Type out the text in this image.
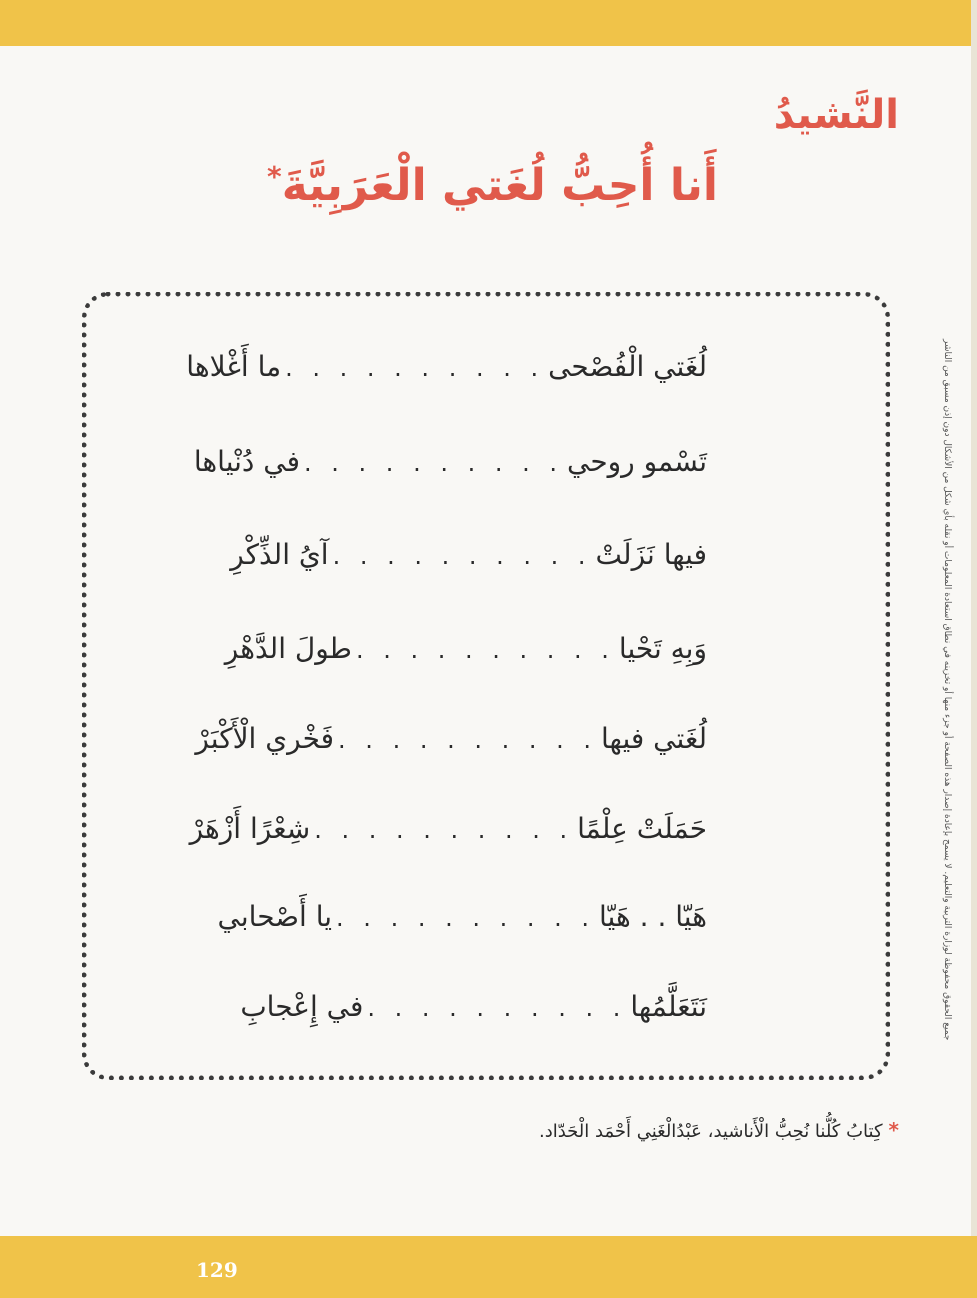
النَّشيدُ
أَنا أُحِبُّ لُغَتي الْعَرَبِيَّةَ*
جميع الحقوق محفوظة لوزارة التربية والتعليم. لا يسمح بإعادة إصدار هذه الصفحة أو جزء منها أو تخزينه في نطاق استعادة المعلومات أو نقله بأي شكل من الأشكال دون إذن مسبق من الناشر
لُغَتي الْفُصْحى
. . . . . . . . . .
ما أَغْلاها
تَسْمو روحي
. . . . . . . . . .
في دُنْياها
فيها نَزَلَتْ
. . . . . . . . . .
آيُ الذِّكْرِ
وَبِهِ تَحْيا
. . . . . . . . . .
طولَ الدَّهْرِ
لُغَتي فيها
. . . . . . . . . .
فَخْري الْأَكْبَرْ
حَمَلَتْ عِلْمًا
. . . . . . . . . .
شِعْرًا أَزْهَرْ
هَيّا . . هَيّا
. . . . . . . . . .
يا أَصْحابي
نَتَعَلَّمُها
. . . . . . . . . .
في إِعْجابِ
*كِتابُ كُلُّنا نُحِبُّ الْأَناشيد، عَبْدُالْغَنِي أَحْمَد الْحَدّاد.
129
